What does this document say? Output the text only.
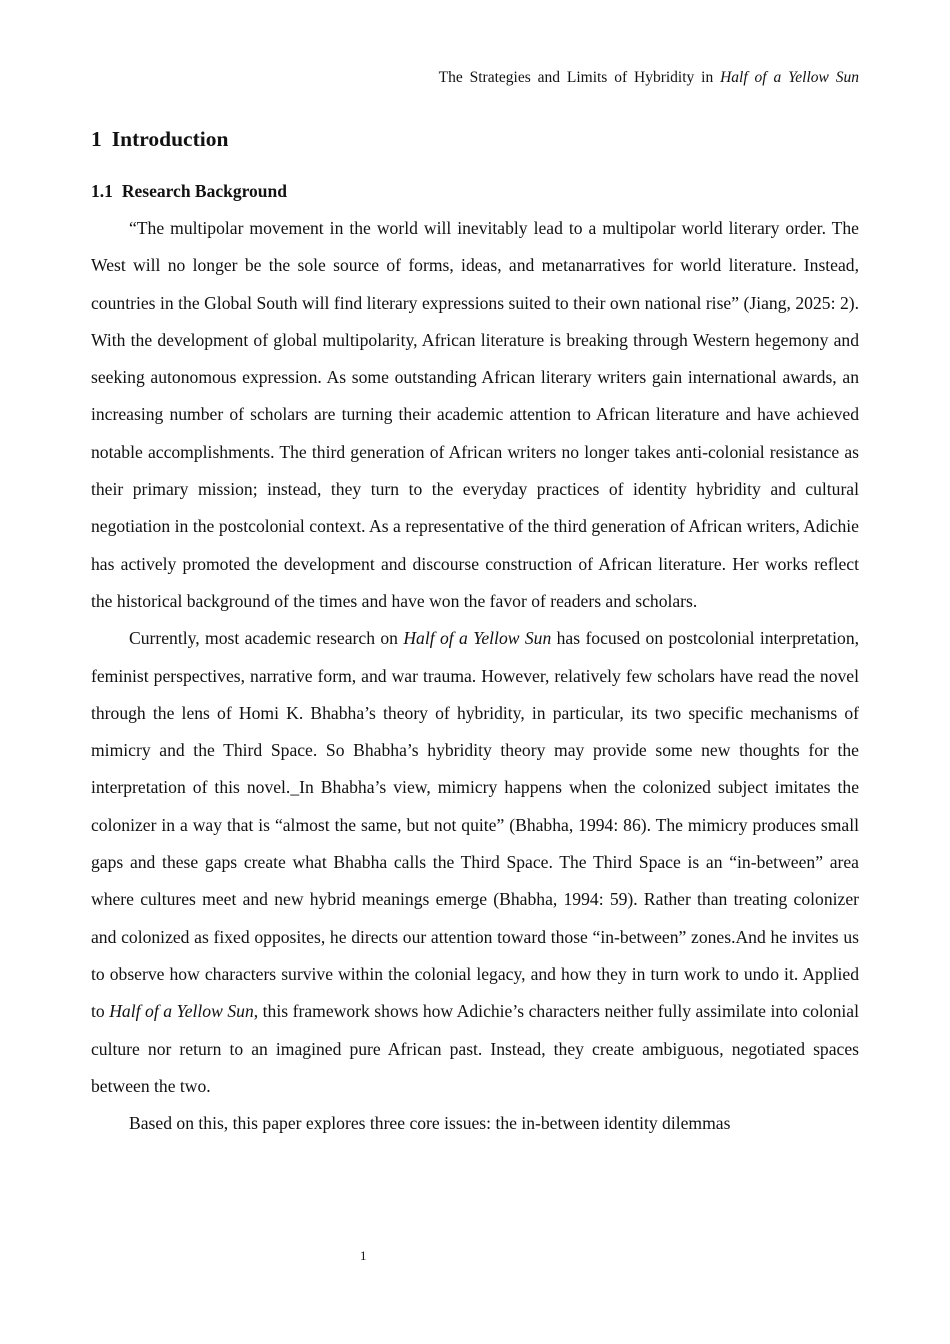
The Strategies and Limits of Hybridity in Half of a Yellow Sun
1 Introduction
1.1 Research Background

“The multipolar movement in the world will inevitably lead to a multipolar world literary order. The West will no longer be the sole source of forms, ideas, and metanarratives for world literature. Instead, countries in the Global South will find literary expressions suited to their own national rise” (Jiang, 2025: 2). With the development of global multipolarity, African literature is breaking through Western hegemony and seeking autonomous expression. As some outstanding African literary writers gain international awards, an increasing number of scholars are turning their academic attention to African literature and have achieved notable accomplishments. The third generation of African writers no longer takes anti-colonial resistance as their primary mission; instead, they turn to the everyday practices of identity hybridity and cultural negotiation in the postcolonial context. As a representative of the third generation of African writers, Adichie has actively promoted the development and discourse construction of African literature. Her works reflect the historical background of the times and have won the favor of readers and scholars.

Currently, most academic research on Half of a Yellow Sun has focused on postcolonial interpretation, feminist perspectives, narrative form, and war trauma. However, relatively few scholars have read the novel through the lens of Homi K. Bhabha’s theory of hybridity, in particular, its two specific mechanisms of mimicry and the Third Space. So Bhabha’s hybridity theory may provide some new thoughts for the interpretation of this novel._In Bhabha’s view, mimicry happens when the colonized subject imitates the colonizer in a way that is “almost the same, but not quite” (Bhabha, 1994: 86). The mimicry produces small gaps and these gaps create what Bhabha calls the Third Space. The Third Space is an “in-between” area where cultures meet and new hybrid meanings emerge (Bhabha, 1994: 59). Rather than treating colonizer and colonized as fixed opposites, he directs our attention toward those “in-between” zones.And he invites us to observe how characters survive within the colonial legacy, and how they in turn work to undo it. Applied to Half of a Yellow Sun, this framework shows how Adichie’s characters neither fully assimilate into colonial culture nor return to an imagined pure African past. Instead, they create ambiguous, negotiated spaces between the two.

Based on this, this paper explores three core issues: the in-between identity dilemmas

1
